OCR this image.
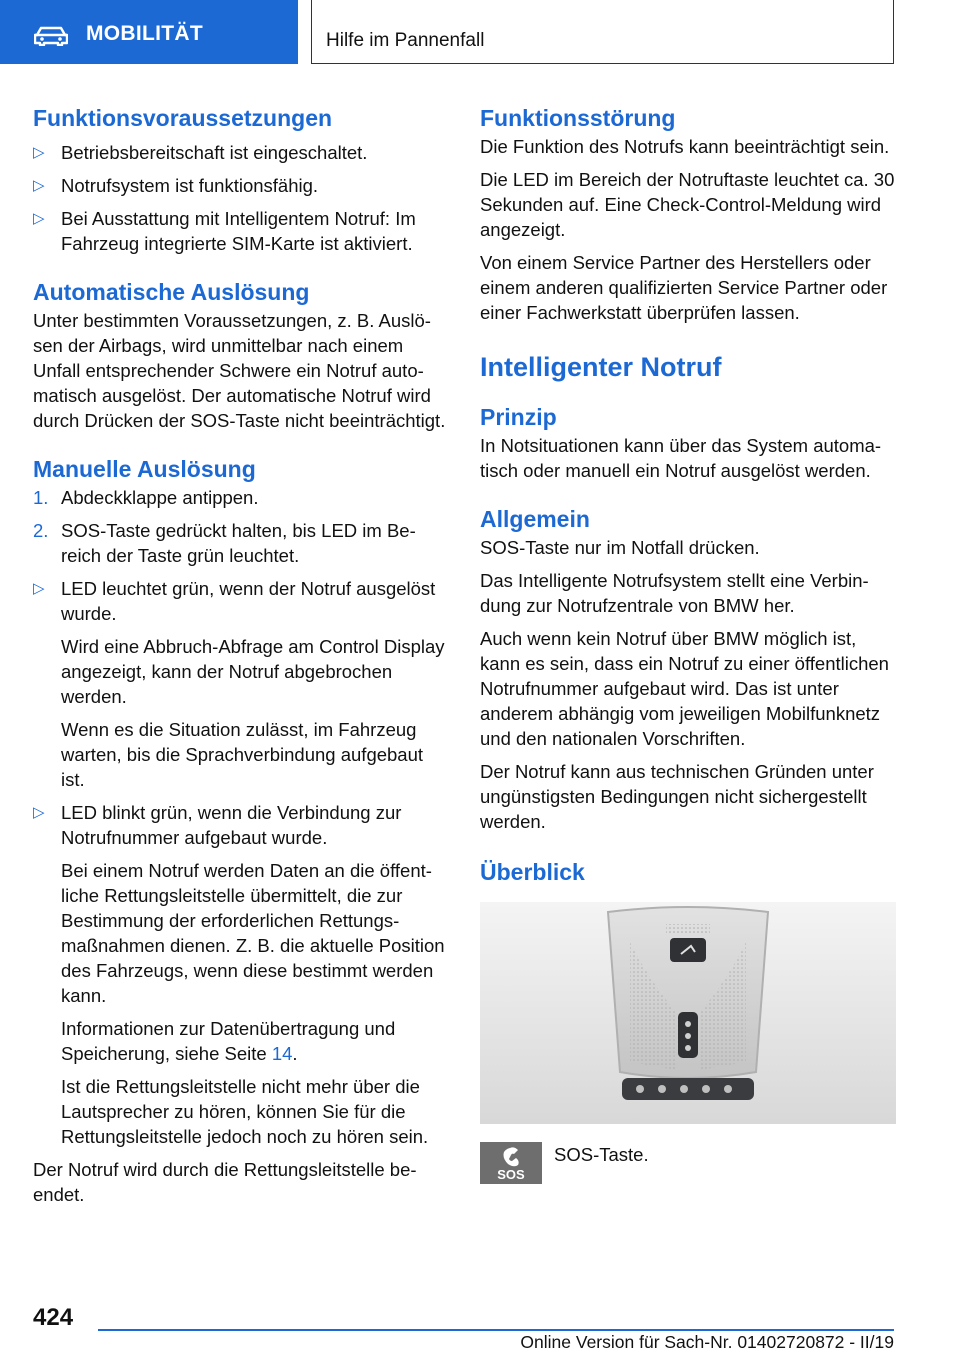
MOBILITÄT	Hilfe im Pannenfall
Funktionsvoraussetzungen
▷ Betriebsbereitschaft ist eingeschaltet.
▷ Notrufsystem ist funktionsfähig.
▷ Bei Ausstattung mit Intelligentem Notruf: Im Fahrzeug integrierte SIM-Karte ist aktiviert.
Automatische Auslösung

Unter bestimmten Voraussetzungen, z. B. Auslösen der Airbags, wird unmittelbar nach einem Unfall entsprechender Schwere ein Notruf automatisch ausgelöst. Der automatische Notruf wird durch Drücken der SOS-Taste nicht beeinträchtigt.

Manuelle Auslösung
1. Abdeckklappe antippen.
2. SOS-Taste gedrückt halten, bis LED im Bereich der Taste grün leuchtet.
▷ LED leuchtet grün, wenn der Notruf ausgelöst wurde.
Wird eine Abbruch-Abfrage am Control Display angezeigt, kann der Notruf abgebrochen werden.
Wenn es die Situation zulässt, im Fahrzeug warten, bis die Sprachverbindung aufgebaut ist.
▷ LED blinkt grün, wenn die Verbindung zur Notrufnummer aufgebaut wurde.
Bei einem Notruf werden Daten an die öffentliche Rettungsleitstelle übermittelt, die zur Bestimmung der erforderlichen Rettungsmaßnahmen dienen. Z. B. die aktuelle Position des Fahrzeugs, wenn diese bestimmt werden kann.
Informationen zur Datenübertragung und Speicherung, siehe Seite 14.
Ist die Rettungsleitstelle nicht mehr über die Lautsprecher zu hören, können Sie für die Rettungsleitstelle jedoch noch zu hören sein.

Der Notruf wird durch die Rettungsleitstelle beendet.

Funktionsstörung

Die Funktion des Notrufs kann beeinträchtigt sein.

Die LED im Bereich der Notruftaste leuchtet ca. 30 Sekunden auf. Eine Check-Control-Meldung wird angezeigt.

Von einem Service Partner des Herstellers oder einem anderen qualifizierten Service Partner oder einer Fachwerkstatt überprüfen lassen.

Intelligenter Notruf
Prinzip

In Notsituationen kann über das System automatisch oder manuell ein Notruf ausgelöst werden.

Allgemein

SOS-Taste nur im Notfall drücken.

Das Intelligente Notrufsystem stellt eine Verbindung zur Notrufzentrale von BMW her.

Auch wenn kein Notruf über BMW möglich ist, kann es sein, dass ein Notruf zu einer öffentlichen Notrufnummer aufgebaut wird. Das ist unter anderem abhängig vom jeweiligen Mobilfunknetz und den nationalen Vorschriften.

Der Notruf kann aus technischen Gründen unter ungünstigsten Bedingungen nicht sichergestellt werden.

Überblick
SOS
SOS-Taste.
424
Online Version für Sach-Nr. 01402720872 - II/19
